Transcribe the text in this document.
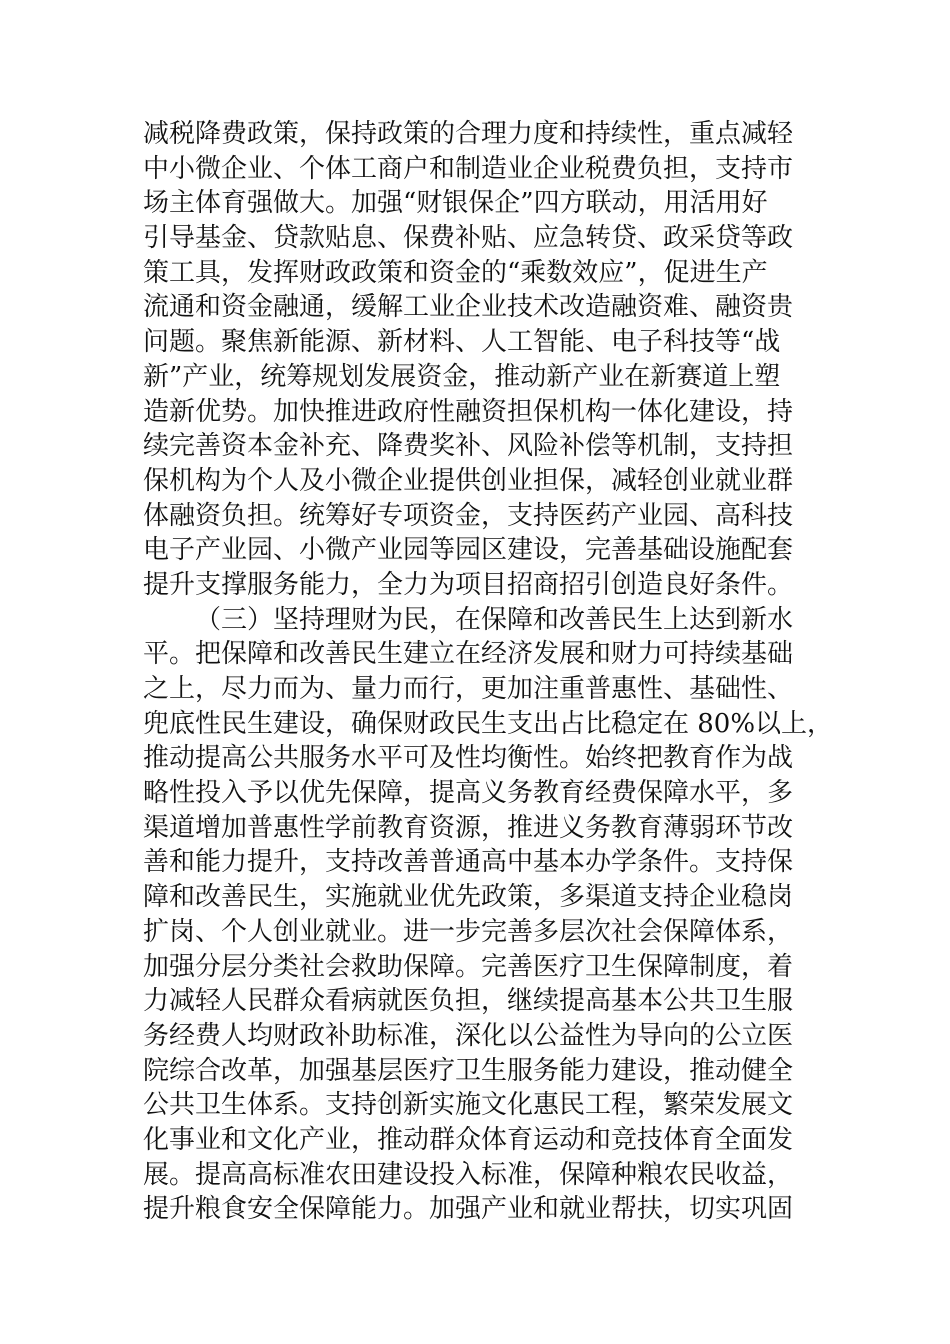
减税降费政策，保持政策的合理力度和持续性，重点减轻
中小微企业、个体工商户和制造业企业税费负担，支持市
场主体育强做大。加强“财银保企”四方联动，用活用好
引导基金、贷款贴息、保费补贴、应急转贷、政采贷等政
策工具，发挥财政政策和资金的“乘数效应”，促进生产
流通和资金融通，缓解工业企业技术改造融资难、融资贵
问题。聚焦新能源、新材料、人工智能、电子科技等“战
新”产业，统筹规划发展资金，推动新产业在新赛道上塑
造新优势。加快推进政府性融资担保机构一体化建设，持
续完善资本金补充、降费奖补、风险补偿等机制，支持担
保机构为个人及小微企业提供创业担保，减轻创业就业群
体融资负担。统筹好专项资金，支持医药产业园、高科技
电子产业园、小微产业园等园区建设，完善基础设施配套
提升支撑服务能力，全力为项目招商招引创造良好条件。
（三）坚持理财为民，在保障和改善民生上达到新水
平。把保障和改善民生建立在经济发展和财力可持续基础
之上，尽力而为、量力而行，更加注重普惠性、基础性、
兜底性民生建设，确保财政民生支出占比稳定在 80%以上，
推动提高公共服务水平可及性均衡性。始终把教育作为战
略性投入予以优先保障，提高义务教育经费保障水平，多
渠道增加普惠性学前教育资源，推进义务教育薄弱环节改
善和能力提升，支持改善普通高中基本办学条件。支持保
障和改善民生，实施就业优先政策，多渠道支持企业稳岗
扩岗、个人创业就业。进一步完善多层次社会保障体系，
加强分层分类社会救助保障。完善医疗卫生保障制度，着
力减轻人民群众看病就医负担，继续提高基本公共卫生服
务经费人均财政补助标准，深化以公益性为导向的公立医
院综合改革，加强基层医疗卫生服务能力建设，推动健全
公共卫生体系。支持创新实施文化惠民工程，繁荣发展文
化事业和文化产业，推动群众体育运动和竞技体育全面发
展。提高高标准农田建设投入标准，保障种粮农民收益，
提升粮食安全保障能力。加强产业和就业帮扶，切实巩固
